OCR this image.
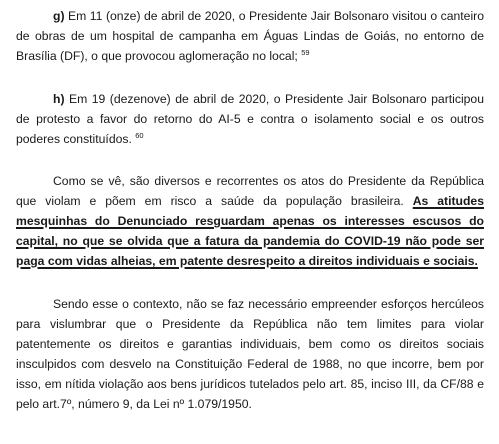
g) Em 11 (onze) de abril de 2020, o Presidente Jair Bolsonaro visitou o canteiro de obras de um hospital de campanha em Águas Lindas de Goiás, no entorno de Brasília (DF), o que provocou aglomeração no local; $^{59}$

h) Em 19 (dezenove) de abril de 2020, o Presidente Jair Bolsonaro participou de protesto a favor do retorno do AI-5 e contra o isolamento social e os outros poderes constituídos. $^{60}$

Como se vê, são diversos e recorrentes os atos do Presidente da República que violam e põem em risco a saúde da população brasileira. As atitudes mesquinhas do Denunciado resguardam apenas os interesses escusos do capital, no que se olvida que a fatura da pandemia do COVID-19 não pode ser paga com vidas alheias, em patente desrespeito a direitos individuais e sociais.

Sendo esse o contexto, não se faz necessário empreender esforços hercúleos para vislumbrar que o Presidente da República não tem limites para violar patentemente os direitos e garantias individuais, bem como os direitos sociais insculpidos com desvelo na Constituição Federal de 1988, no que incorre, bem por isso, em nítida violação aos bens jurídicos tutelados pelo art. 85, inciso III, da CF/88 e pelo art.7º, número 9, da Lei nº 1.079/1950.
